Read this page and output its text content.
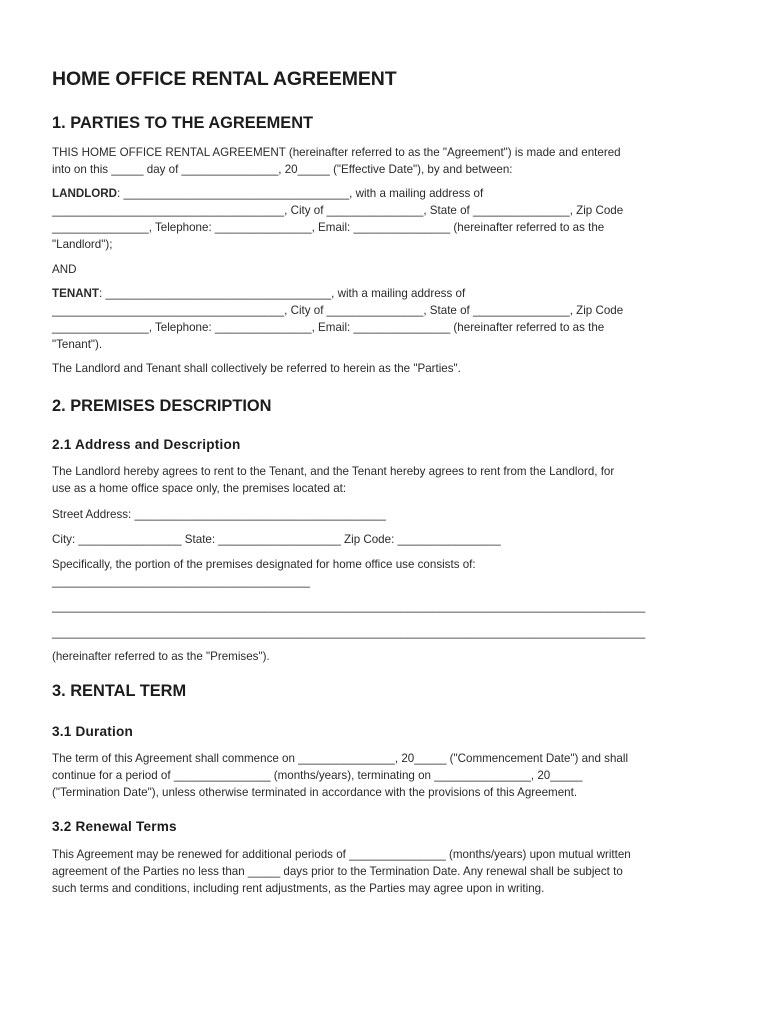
HOME OFFICE RENTAL AGREEMENT
1. PARTIES TO THE AGREEMENT

THIS HOME OFFICE RENTAL AGREEMENT (hereinafter referred to as the "Agreement") is made and entered

into on this _____ day of _______________, 20_____ ("Effective Date"), by and between:

LANDLORD: ___________________________________, with a mailing address of

____________________________________, City of _______________, State of _______________, Zip Code

_______________, Telephone: _______________, Email: _______________ (hereinafter referred to as the

"Landlord");

AND

TENANT: ___________________________________, with a mailing address of

____________________________________, City of _______________, State of _______________, Zip Code

_______________, Telephone: _______________, Email: _______________ (hereinafter referred to as the

"Tenant").

The Landlord and Tenant shall collectively be referred to herein as the "Parties".

2. PREMISES DESCRIPTION
2.1 Address and Description

The Landlord hereby agrees to rent to the Tenant, and the Tenant hereby agrees to rent from the Landlord, for

use as a home office space only, the premises located at:

Street Address: _______________________________________

City: ________________ State: ___________________ Zip Code: ________________

Specifically, the portion of the premises designated for home office use consists of:

________________________________________

____________________________________________________________________________________________

____________________________________________________________________________________________

(hereinafter referred to as the "Premises").

3. RENTAL TERM
3.1 Duration

The term of this Agreement shall commence on _______________, 20_____ ("Commencement Date") and shall

continue for a period of _______________ (months/years), terminating on _______________, 20_____

("Termination Date"), unless otherwise terminated in accordance with the provisions of this Agreement.

3.2 Renewal Terms

This Agreement may be renewed for additional periods of _______________ (months/years) upon mutual written

agreement of the Parties no less than _____ days prior to the Termination Date. Any renewal shall be subject to

such terms and conditions, including rent adjustments, as the Parties may agree upon in writing.
